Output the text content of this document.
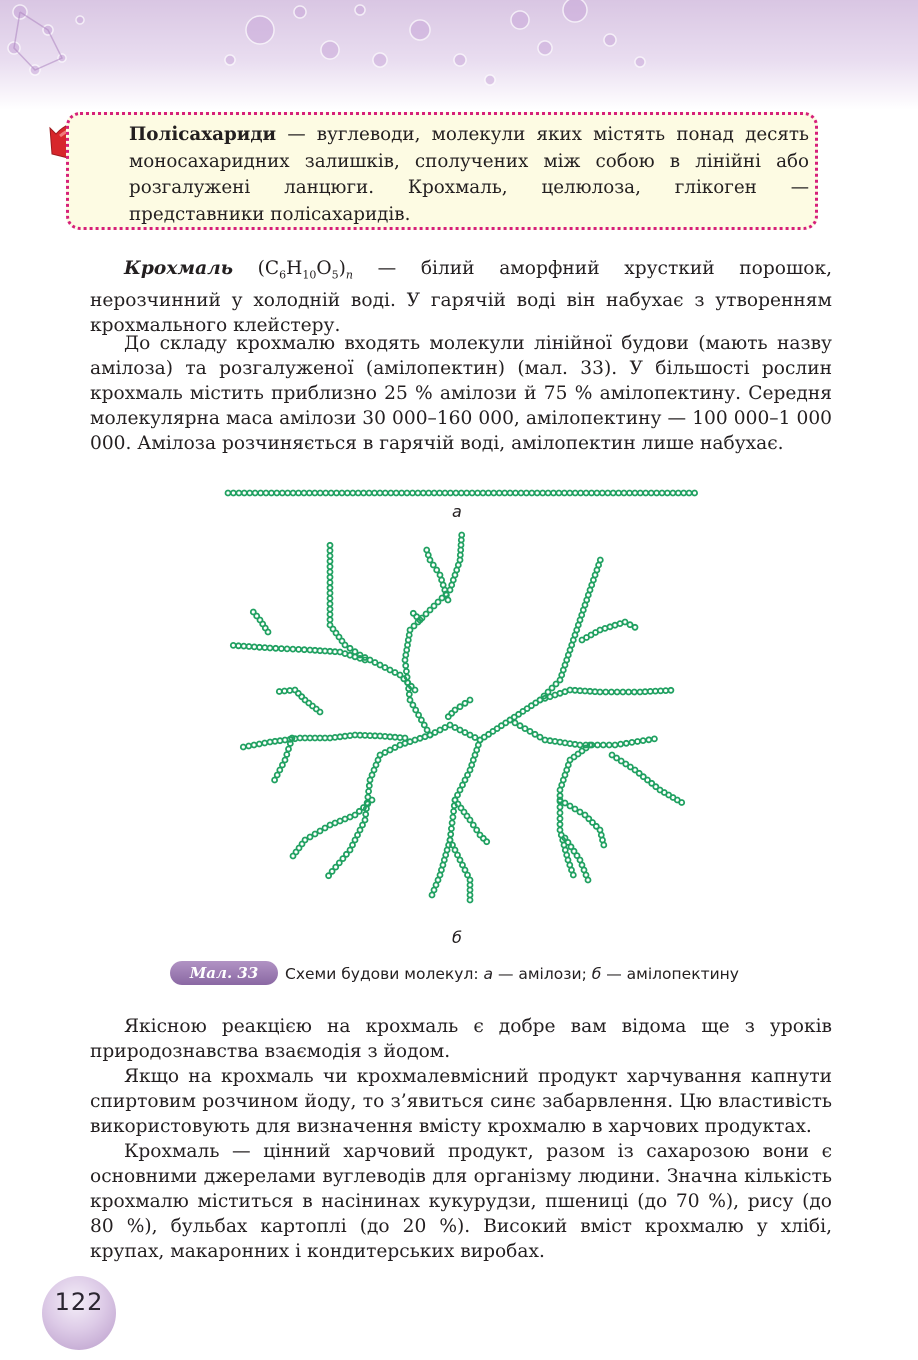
Полісахариди — вуглеводи, молекули яких містять понад десять моносахаридних залишків, сполучених між собою в лінійні або розгалужені ланцюги. Крохмаль, целюлоза, глікоген — представники полісахаридів.

Крохмаль $(C_6H_{10}O_5)_n$ — білий аморфний хрусткий порошок, нерозчинний у холодній воді. У гарячій воді він набухає з утворенням крохмального клейстеру.

До складу крохмалю входять молекули лінійної будови (мають назву амілоза) та розгалуженої (амілопектин) (мал. 33). У більшості рослин крохмаль містить приблизно 25 % амілози й 75 % амілопектину. Середня молекулярна маса амілози 30 000–160 000, амілопектину — 100 000–1 000 000. Амілоза розчиняється в гарячій воді, амілопектин лише набухає.

а
б
Мал. 33	Схеми будови молекул: а — амілози; б — амілопектину

Якісною реакцією на крохмаль є добре вам відома ще з уроків природознавства взаємодія з йодом.

Якщо на крохмаль чи крохмалевмісний продукт харчування капнути спиртовим розчином йоду, то з’явиться синє забарвлення. Цю властивість використовують для визначення вмісту крохмалю в харчових продуктах.

Крохмаль — цінний харчовий продукт, разом із сахарозою вони є основними джерелами вуглеводів для організму людини. Значна кількість крохмалю міститься в насінинах кукурудзи, пшениці (до 70 %), рису (до 80 %), бульбах картоплі (до 20 %). Високий вміст крохмалю у хлібі, крупах, макаронних і кондитерських виробах.

122
